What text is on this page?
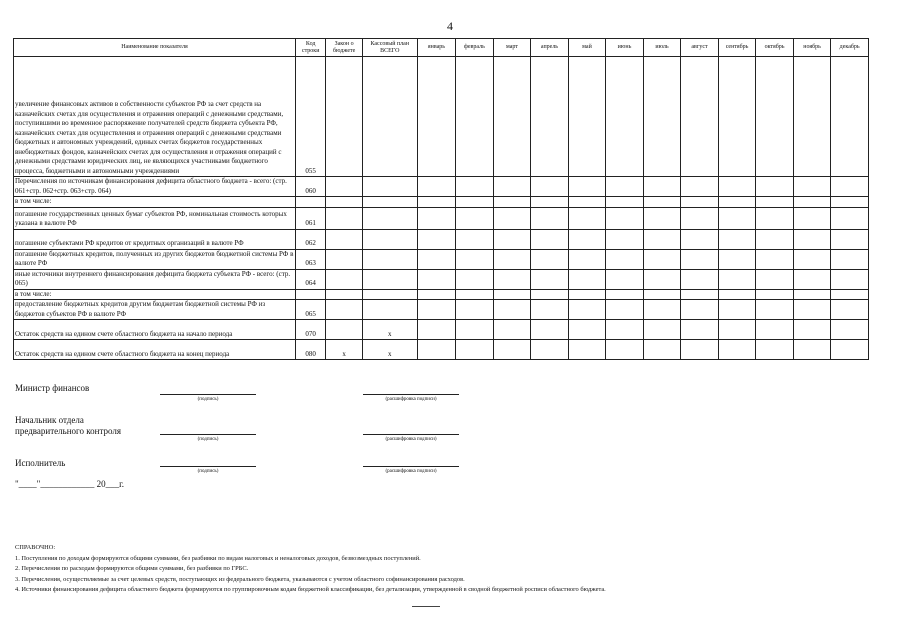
4
Наименование показателя	Код строки	Закон о бюджете	Кассовый план ВСЕГО	январь	февраль	март	апрель	май	июнь	июль	август	сентябрь	октябрь	ноябрь	декабрь
увеличение финансовых активов в собственности субъектов РФ за счет средств на казначейских счетах для осуществления и отражения операций с денежными средствами, поступившими во временное распоряжение получателей средств бюджета субъекта РФ, казначейских счетах для осуществления и отражения операций с денежными средствами бюджетных и автономных учреждений, единых счетах бюджетов государственных внебюджетных фондов, казначейских счетах для осуществления и отражения операций с денежными средствами юридических лиц, не являющихся участниками бюджетного процесса, бюджетными и автономными учреждениями	055														
Перечисления по источникам финансирования дефицита областного бюджета - всего: (стр. 061+стр. 062+стр. 063+стр. 064)	060														
в том числе:															
погашение государственных ценных бумаг субъектов РФ, номинальная стоимость которых указана в валюте РФ	061														
погашение субъектами РФ кредитов от кредитных организаций в валюте РФ	062														
погашение бюджетных кредитов, полученных из других бюджетов бюджетной системы РФ в валюте РФ	063														
иные источники внутреннего финансирования дефицита бюджета субъекта РФ - всего: (стр. 065)	064														
в том числе:															
предоставление бюджетных кредитов другим бюджетам бюджетной системы РФ из бюджетов субъектов РФ в валюте РФ	065														
Остаток средств на едином счете областного бюджета на начало периода	070		x												
Остаток средств на едином счете областного бюджета на конец периода	080	x	x												
Министр финансов
(подпись)	(расшифровка подписи)
Начальник отдела
предварительного контроля
(подпись)	(расшифровка подписи)
Исполнитель
(подпись)	(расшифровка подписи)
"____"____________ 20___г.
СПРАВОЧНО:
1. Поступления по доходам формируются общими суммами, без разбивки по видам налоговых и неналоговых доходов, безвозмездных поступлений.
2. Перечисления по расходам формируются общими суммами, без разбивки по ГРБС.
3. Перечисления, осуществляемые за счет целевых средств, поступающих из федерального бюджета, указываются с учетом областного софинансирования расходов.
4. Источники финансирования дефицита областного бюджета формируются по группировочным кодам бюджетной классификации, без детализации, утвержденной в сводной бюджетной росписи областного бюджета.
